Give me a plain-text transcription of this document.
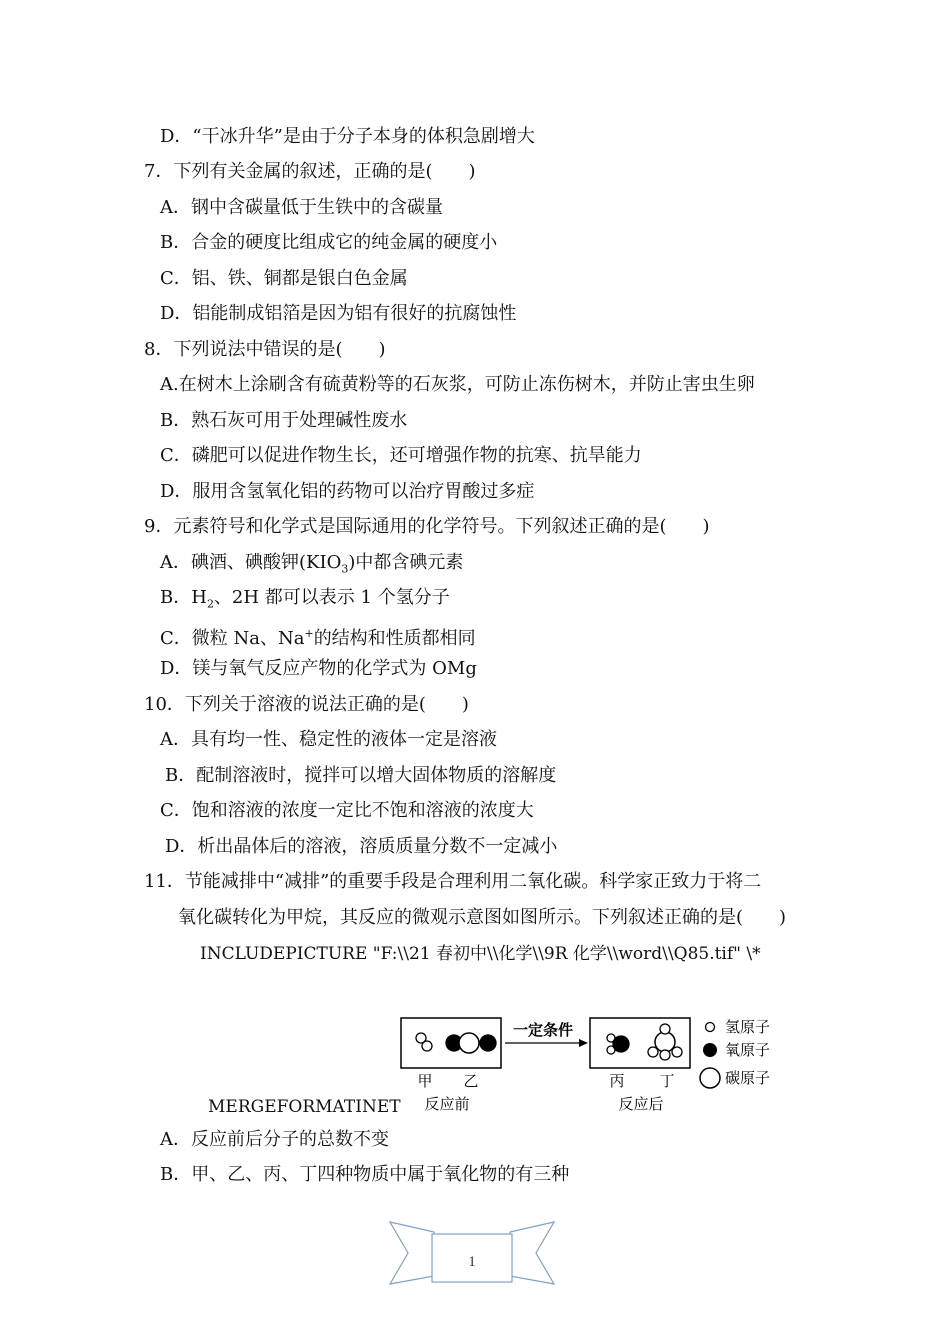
D．“干冰升华”是由于分子本身的体积急剧增大
7．下列有关金属的叙述，正确的是(　　)
A．钢中含碳量低于生铁中的含碳量
B．合金的硬度比组成它的纯金属的硬度小
C．铝、铁、铜都是银白色金属
D．铝能制成铝箔是因为铝有很好的抗腐蚀性
8．下列说法中错误的是(　　)
A.在树木上涂刷含有硫黄粉等的石灰浆，可防止冻伤树木，并防止害虫生卵
B．熟石灰可用于处理碱性废水
C．磷肥可以促进作物生长，还可增强作物的抗寒、抗旱能力
D．服用含氢氧化铝的药物可以治疗胃酸过多症
9．元素符号和化学式是国际通用的化学符号。下列叙述正确的是(　　)
A．碘酒、碘酸钾$(KIO_3)$中都含碘元素
B．$H_2$、2H 都可以表示 1 个氢分子
C．微粒 Na、Na+的结构和性质都相同
D．镁与氧气反应产物的化学式为 OMg
10．下列关于溶液的说法正确的是(　　)
A．具有均一性、稳定性的液体一定是溶液
B．配制溶液时，搅拌可以增大固体物质的溶解度
C．饱和溶液的浓度一定比不饱和溶液的浓度大
D．析出晶体后的溶液，溶质质量分数不一定减小
11．节能减排中“减排”的重要手段是合理利用二氧化碳。科学家正致力于将二
氧化碳转化为甲烷，其反应的微观示意图如图所示。下列叙述正确的是(　　)
INCLUDEPICTURE "F:\\21 春初中\\化学\\9R 化学\\word\\Q85.tif" \*
一定条件
甲 乙	丙 丁
反应前	反应后
氢原子
氧原子
碳原子
MERGEFORMATINET
A．反应前后分子的总数不变
B．甲、乙、丙、丁四种物质中属于氧化物的有三种
1
